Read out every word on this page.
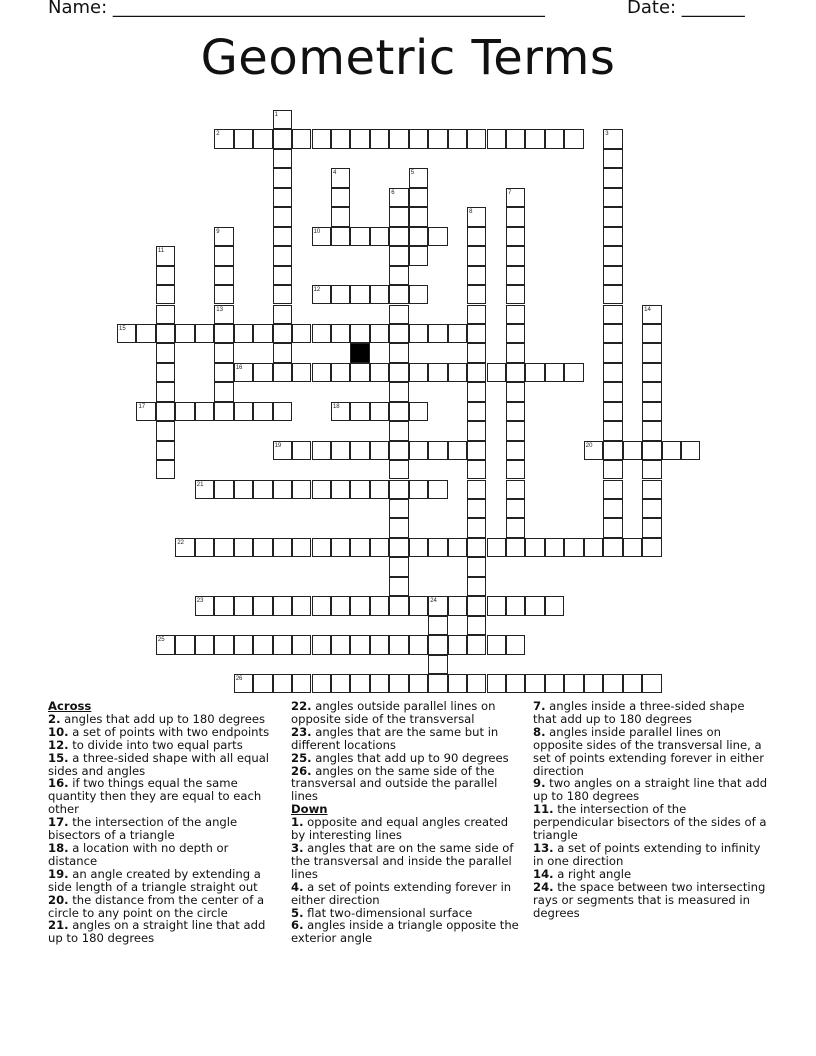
Name: ________________________________________________	Date: _______
Geometric Terms
1
2	3
4	5
6	7
8
9
13
10
11
12
14
15
16
17	18
19	20
21
22
23	24
25
26
Across
2. angles that add up to 180 degrees
10. a set of points with two endpoints
12. to divide into two equal parts
15. a three-sided shape with all equal sides and angles
16. if two things equal the same quantity then they are equal to each other
17. the intersection of the angle bisectors of a triangle
18. a location with no depth or distance
19. an angle created by extending a side length of a triangle straight out
20. the distance from the center of a circle to any point on the circle
21. angles on a straight line that add up to 180 degrees
22. angles outside parallel lines on opposite side of the transversal
23. angles that are the same but in different locations
25. angles that add up to 90 degrees
26. angles on the same side of the transversal and outside the parallel lines
Down
1. opposite and equal angles created by interesting lines
3. angles that are on the same side of the transversal and inside the parallel lines
4. a set of points extending forever in either direction
5. flat two-dimensional surface
6. angles inside a triangle opposite the exterior angle
7. angles inside a three-sided shape that add up to 180 degrees
8. angles inside parallel lines on opposite sides of the transversal line, a set of points extending forever in either direction
9. two angles on a straight line that add up to 180 degrees
11. the intersection of the perpendicular bisectors of the sides of a triangle
13. a set of points extending to infinity in one direction
14. a right angle
24. the space between two intersecting rays or segments that is measured in degrees
